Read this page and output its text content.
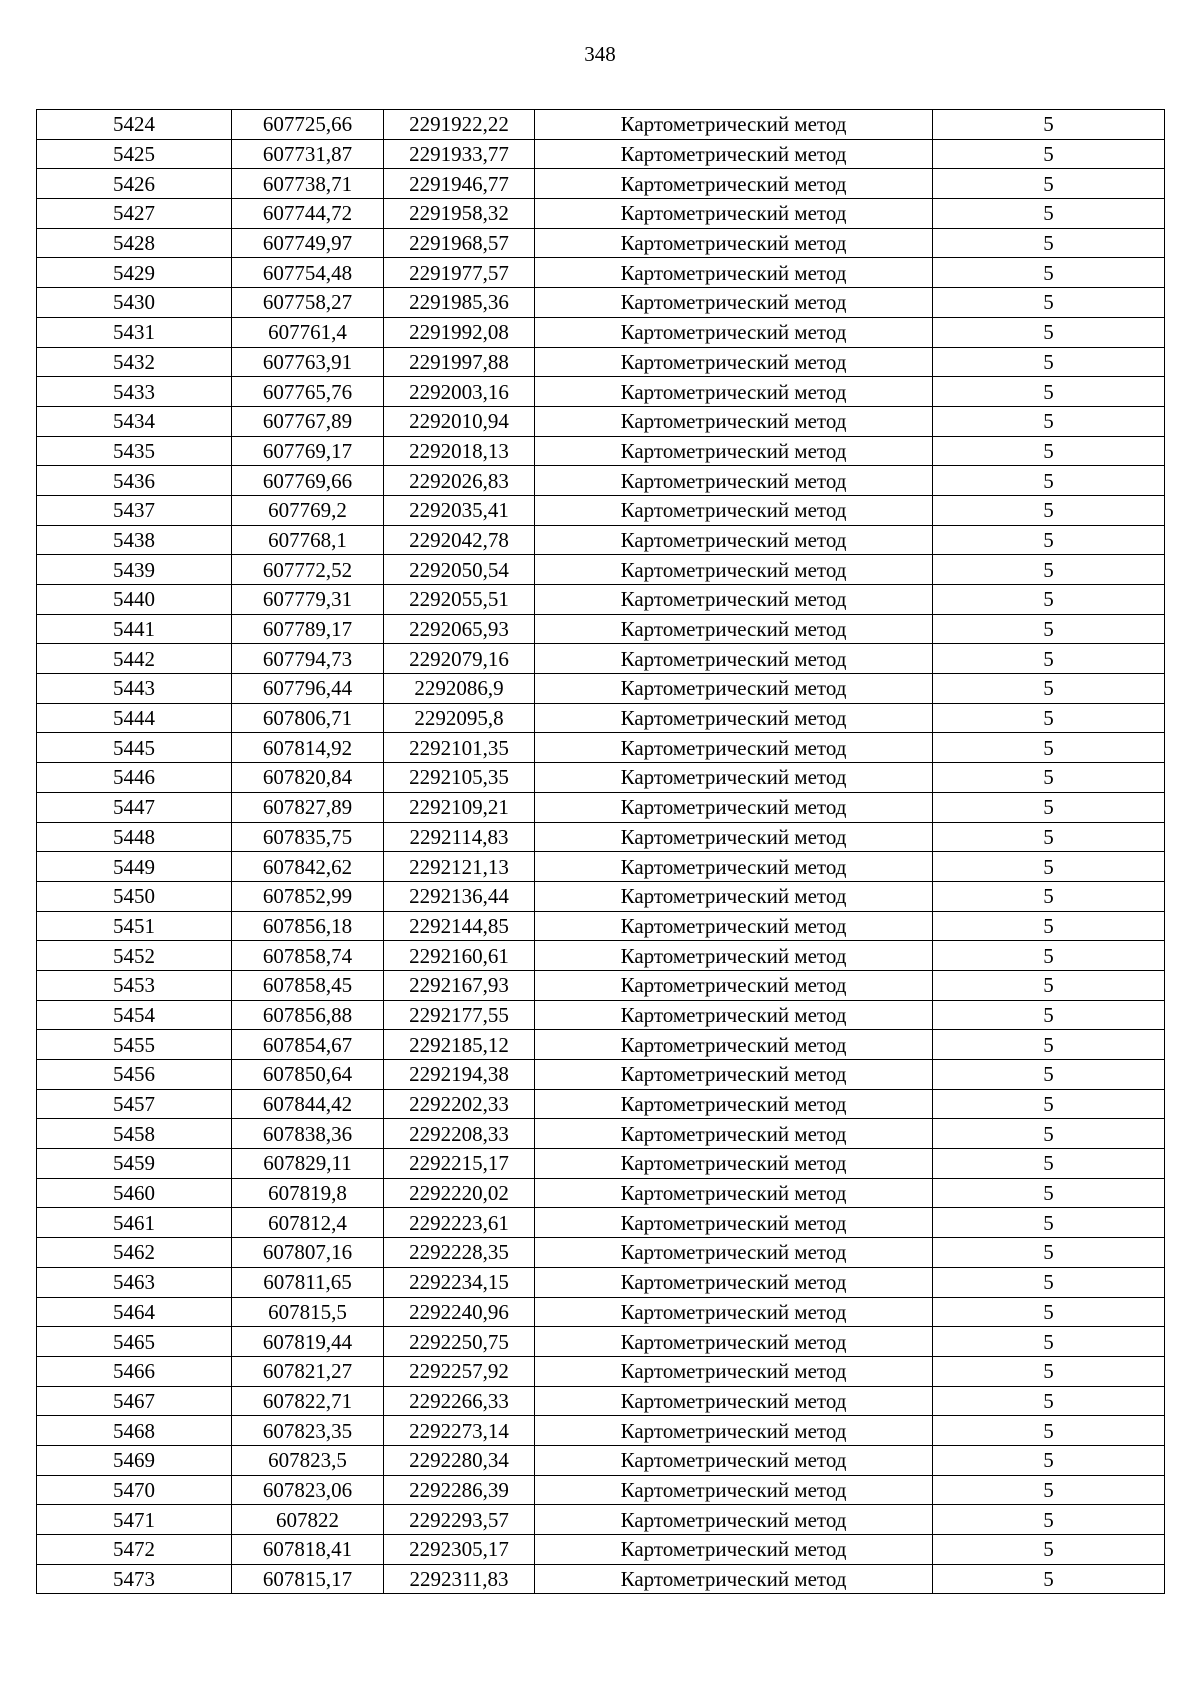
348
5424	607725,66	2291922,22	Картометрический метод	5
5425	607731,87	2291933,77	Картометрический метод	5
5426	607738,71	2291946,77	Картометрический метод	5
5427	607744,72	2291958,32	Картометрический метод	5
5428	607749,97	2291968,57	Картометрический метод	5
5429	607754,48	2291977,57	Картометрический метод	5
5430	607758,27	2291985,36	Картометрический метод	5
5431	607761,4	2291992,08	Картометрический метод	5
5432	607763,91	2291997,88	Картометрический метод	5
5433	607765,76	2292003,16	Картометрический метод	5
5434	607767,89	2292010,94	Картометрический метод	5
5435	607769,17	2292018,13	Картометрический метод	5
5436	607769,66	2292026,83	Картометрический метод	5
5437	607769,2	2292035,41	Картометрический метод	5
5438	607768,1	2292042,78	Картометрический метод	5
5439	607772,52	2292050,54	Картометрический метод	5
5440	607779,31	2292055,51	Картометрический метод	5
5441	607789,17	2292065,93	Картометрический метод	5
5442	607794,73	2292079,16	Картометрический метод	5
5443	607796,44	2292086,9	Картометрический метод	5
5444	607806,71	2292095,8	Картометрический метод	5
5445	607814,92	2292101,35	Картометрический метод	5
5446	607820,84	2292105,35	Картометрический метод	5
5447	607827,89	2292109,21	Картометрический метод	5
5448	607835,75	2292114,83	Картометрический метод	5
5449	607842,62	2292121,13	Картометрический метод	5
5450	607852,99	2292136,44	Картометрический метод	5
5451	607856,18	2292144,85	Картометрический метод	5
5452	607858,74	2292160,61	Картометрический метод	5
5453	607858,45	2292167,93	Картометрический метод	5
5454	607856,88	2292177,55	Картометрический метод	5
5455	607854,67	2292185,12	Картометрический метод	5
5456	607850,64	2292194,38	Картометрический метод	5
5457	607844,42	2292202,33	Картометрический метод	5
5458	607838,36	2292208,33	Картометрический метод	5
5459	607829,11	2292215,17	Картометрический метод	5
5460	607819,8	2292220,02	Картометрический метод	5
5461	607812,4	2292223,61	Картометрический метод	5
5462	607807,16	2292228,35	Картометрический метод	5
5463	607811,65	2292234,15	Картометрический метод	5
5464	607815,5	2292240,96	Картометрический метод	5
5465	607819,44	2292250,75	Картометрический метод	5
5466	607821,27	2292257,92	Картометрический метод	5
5467	607822,71	2292266,33	Картометрический метод	5
5468	607823,35	2292273,14	Картометрический метод	5
5469	607823,5	2292280,34	Картометрический метод	5
5470	607823,06	2292286,39	Картометрический метод	5
5471	607822	2292293,57	Картометрический метод	5
5472	607818,41	2292305,17	Картометрический метод	5
5473	607815,17	2292311,83	Картометрический метод	5
